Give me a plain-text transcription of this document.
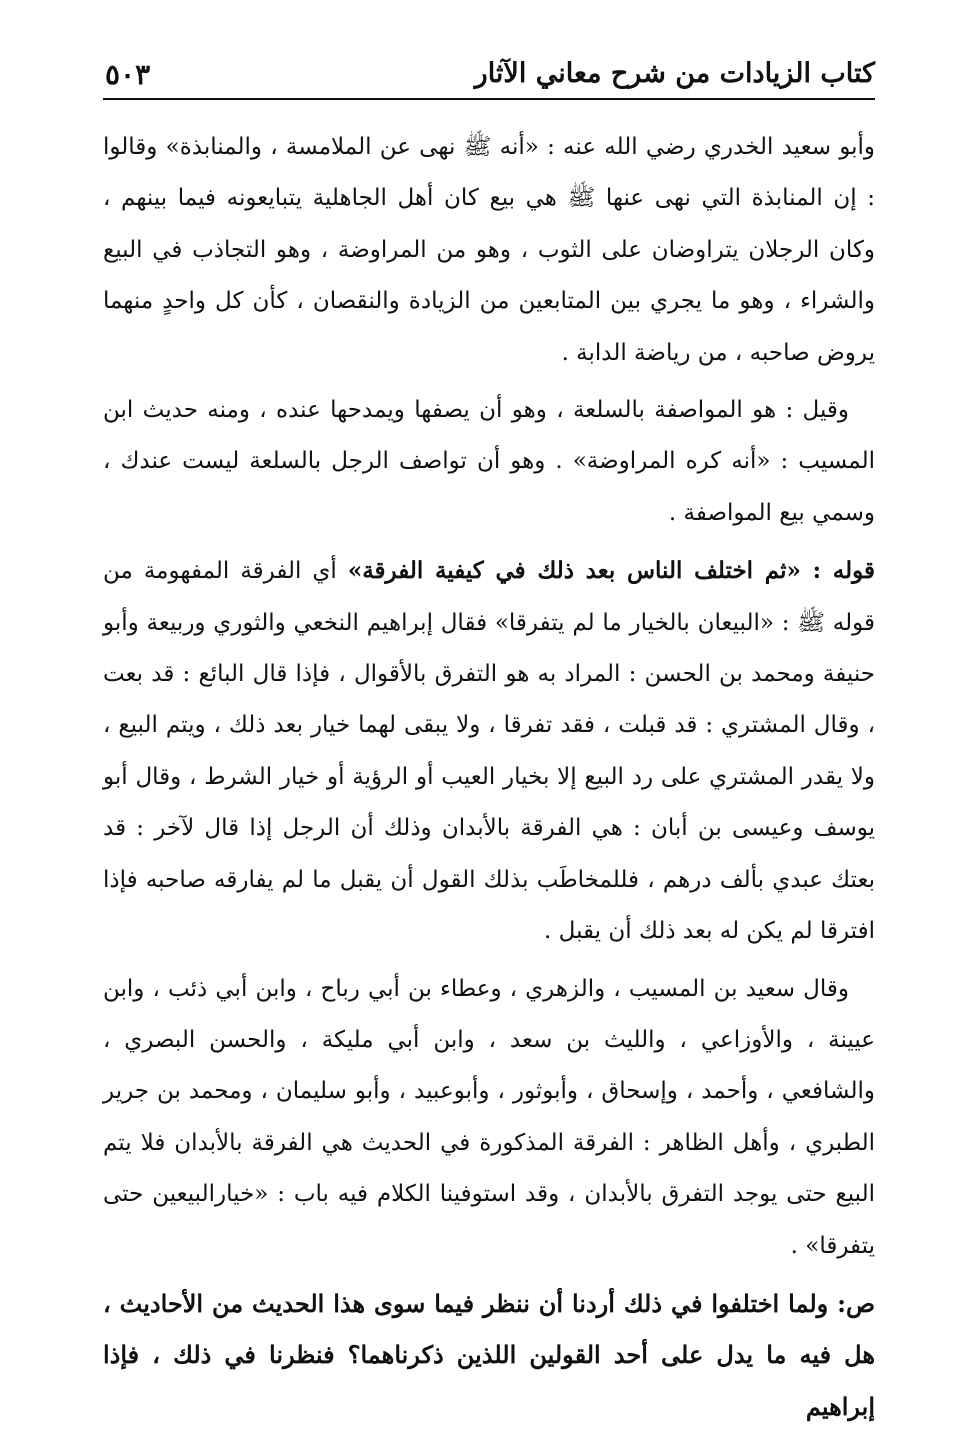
كتاب الزيادات من شرح معاني الآثار
٥٠٣

وأبو سعيد الخدري رضي الله عنه : «أنه ﷺ نهى عن الملامسة ، والمنابذة» وقالوا : إن المنابذة التي نهى عنها ﷺ هي بيع كان أهل الجاهلية يتبايعونه فيما بينهم ، وكان الرجلان يتراوضان على الثوب ، وهو من المراوضة ، وهو التجاذب في البيع والشراء ، وهو ما يجري بين المتابعين من الزيادة والنقصان ، كأن كل واحدٍ منهما يروض صاحبه ، من رياضة الدابة .

وقيل : هو المواصفة بالسلعة ، وهو أن يصفها ويمدحها عنده ، ومنه حديث ابن المسيب : «أنه كره المراوضة» . وهو أن تواصف الرجل بالسلعة ليست عندك ، وسمي بيع المواصفة .

قوله : «ثم اختلف الناس بعد ذلك في كيفية الفرقة» أي الفرقة المفهومة من قوله ﷺ : «البيعان بالخيار ما لم يتفرقا» فقال إبراهيم النخعي والثوري وربيعة وأبو حنيفة ومحمد بن الحسن : المراد به هو التفرق بالأقوال ، فإذا قال البائع : قد بعت ، وقال المشتري : قد قبلت ، فقد تفرقا ، ولا يبقى لهما خيار بعد ذلك ، ويتم البيع ، ولا يقدر المشتري على رد البيع إلا بخيار العيب أو الرؤية أو خيار الشرط ، وقال أبو يوسف وعيسى بن أبان : هي الفرقة بالأبدان وذلك أن الرجل إذا قال لآخر : قد بعتك عبدي بألف درهم ، فللمخاطَب بذلك القول أن يقبل ما لم يفارقه صاحبه فإذا افترقا لم يكن له بعد ذلك أن يقبل .

وقال سعيد بن المسيب ، والزهري ، وعطاء بن أبي رباح ، وابن أبي ذئب ، وابن عيينة ، والأوزاعي ، والليث بن سعد ، وابن أبي مليكة ، والحسن البصري ، والشافعي ، وأحمد ، وإسحاق ، وأبوثور ، وأبوعبيد ، وأبو سليمان ، ومحمد بن جرير الطبري ، وأهل الظاهر : الفرقة المذكورة في الحديث هي الفرقة بالأبدان فلا يتم البيع حتى يوجد التفرق بالأبدان ، وقد استوفينا الكلام فيه باب : «خيارالبيعين حتى يتفرقا» .

ص: ولما اختلفوا في ذلك أردنا أن ننظر فيما سوى هذا الحديث من الأحاديث ، هل فيه ما يدل على أحد القولين اللذين ذكرناهما؟ فنظرنا في ذلك ، فإذا إبراهيم
